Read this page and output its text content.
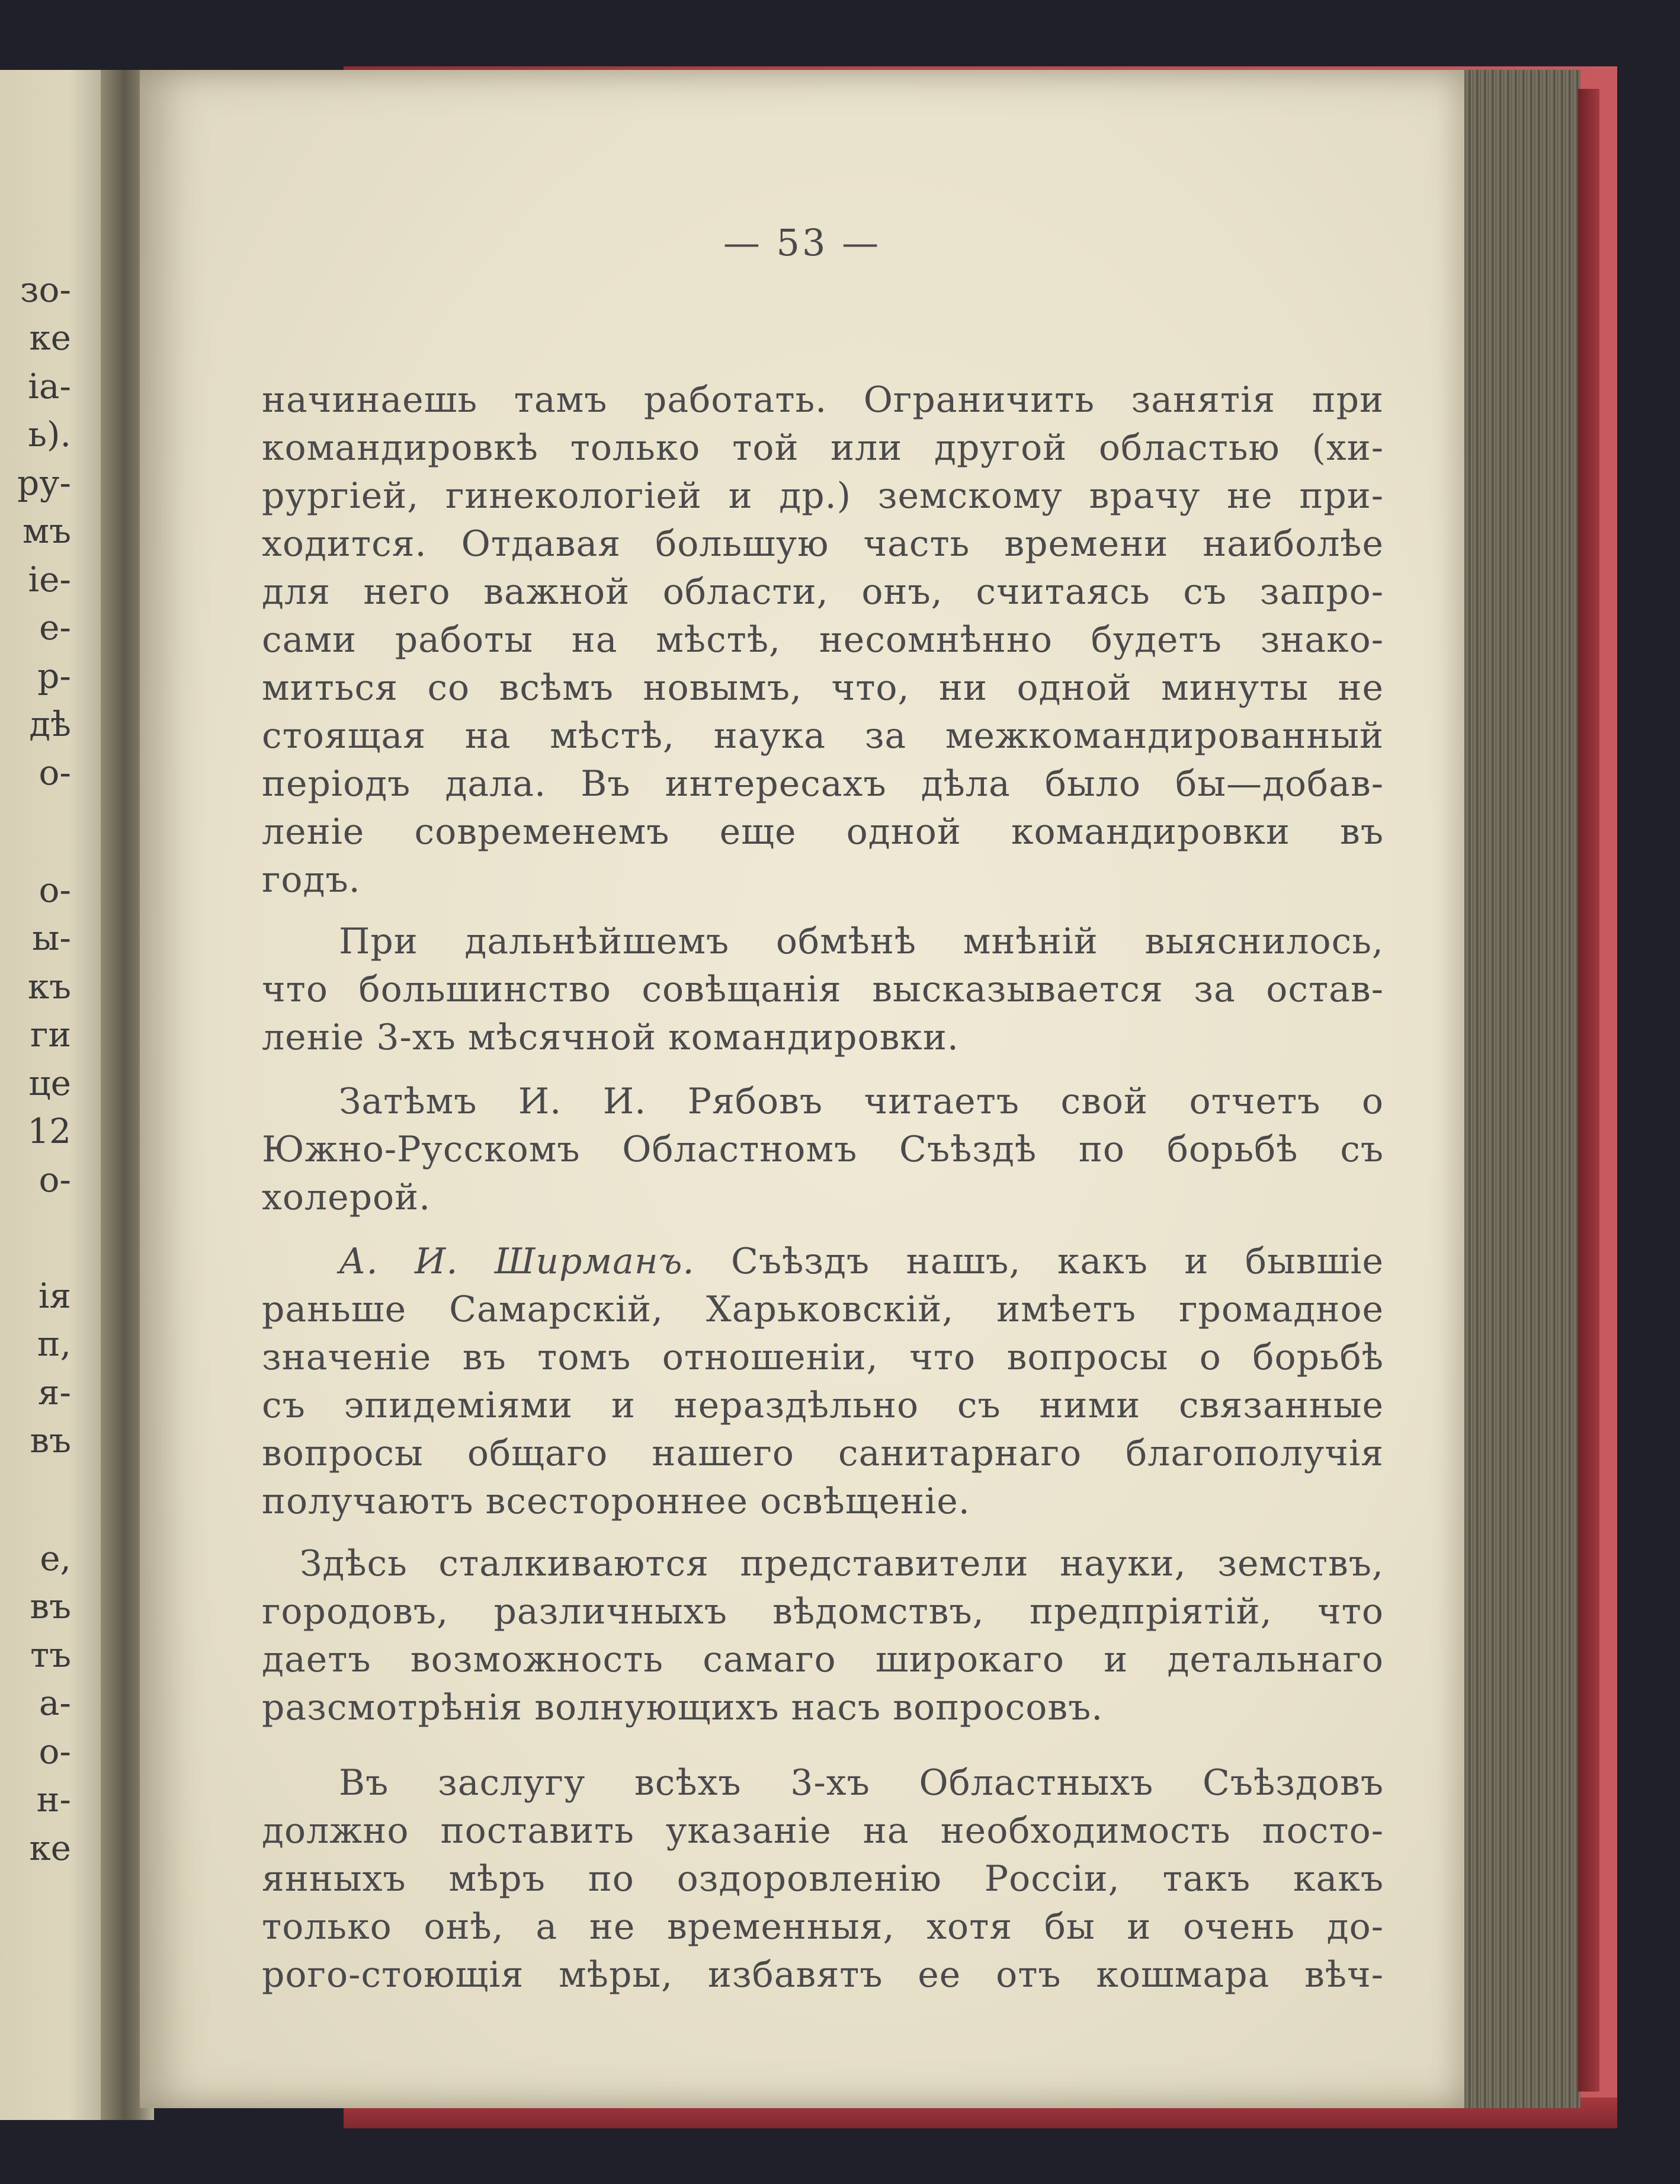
зо-
ке
іа-
ь).
ру-
мъ
іе-
е-
р-
дѣ
о-
о-
ы-
къ
ги
це
12
о-
ія
п,
я-
въ
е,
въ
тъ
а-
о-
н-
ке
— 53 —
начинаешь тамъ работать. Ограничить занятія при
командировкѣ только той или другой областью (хи-
рургіей, гинекологіей и др.) земскому врачу не при-
ходится. Отдавая большую часть времени наиболѣе
для него важной области, онъ, считаясь съ запро-
сами работы на мѣстѣ, несомнѣнно будетъ знако-
миться со всѣмъ новымъ, что, ни одной минуты не
стоящая на мѣстѣ, наука за межкомандированный
періодъ дала. Въ интересахъ дѣла было бы—добав-
леніе современемъ еще одной командировки въ
годъ.
При дальнѣйшемъ обмѣнѣ мнѣній выяснилось,
что большинство совѣщанія высказывается за остав-
леніе 3-хъ мѣсячной командировки.
Затѣмъ И. И. Рябовъ читаетъ свой отчетъ о
Южно-Русскомъ Областномъ Съѣздѣ по борьбѣ съ
холерой.
А. И. Ширманъ. Съѣздъ нашъ, какъ и бывшіе
раньше Самарскій, Харьковскій, имѣетъ громадное
значеніе въ томъ отношеніи, что вопросы о борьбѣ
съ эпидеміями и нераздѣльно съ ними связанные
вопросы общаго нашего санитарнаго благополучія
получаютъ всестороннее освѣщеніе.
Здѣсь сталкиваются представители науки, земствъ,
городовъ, различныхъ вѣдомствъ, предпріятій, что
даетъ возможность самаго широкаго и детальнаго
разсмотрѣнія волнующихъ насъ вопросовъ.
Въ заслугу всѣхъ 3-хъ Областныхъ Съѣздовъ
должно поставить указаніе на необходимость посто-
янныхъ мѣръ по оздоровленію Россіи, такъ какъ
только онѣ, а не временныя, хотя бы и очень до-
рого-стоющія мѣры, избавятъ ее отъ кошмара вѣч-
